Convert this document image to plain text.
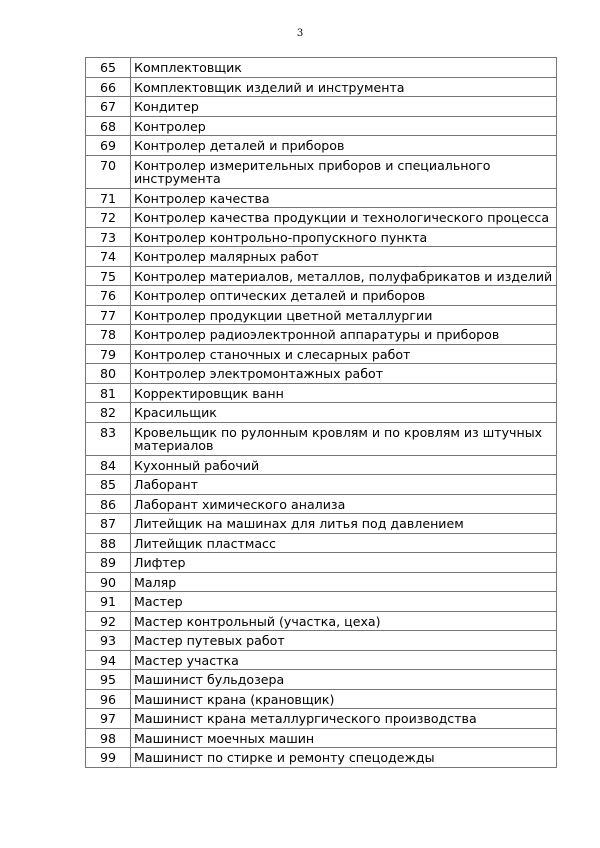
3
65	Комплектовщик
66	Комплектовщик изделий и инструмента
67	Кондитер
68	Контролер
69	Контролер деталей и приборов
70	Контролер измерительных приборов и специального инструмента
71	Контролер качества
72	Контролер качества продукции и технологического процесса
73	Контролер контрольно-пропускного пункта
74	Контролер малярных работ
75	Контролер материалов, металлов, полуфабрикатов и изделий
76	Контролер оптических деталей и приборов
77	Контролер продукции цветной металлургии
78	Контролер радиоэлектронной аппаратуры и приборов
79	Контролер станочных и слесарных работ
80	Контролер электромонтажных работ
81	Корректировщик ванн
82	Красильщик
83	Кровельщик по рулонным кровлям и по кровлям из штучных материалов
84	Кухонный рабочий
85	Лаборант
86	Лаборант химического анализа
87	Литейщик на машинах для литья под давлением
88	Литейщик пластмасс
89	Лифтер
90	Маляр
91	Мастер
92	Мастер контрольный (участка, цеха)
93	Мастер путевых работ
94	Мастер участка
95	Машинист бульдозера
96	Машинист крана (крановщик)
97	Машинист крана металлургического производства
98	Машинист моечных машин
99	Машинист по стирке и ремонту спецодежды
